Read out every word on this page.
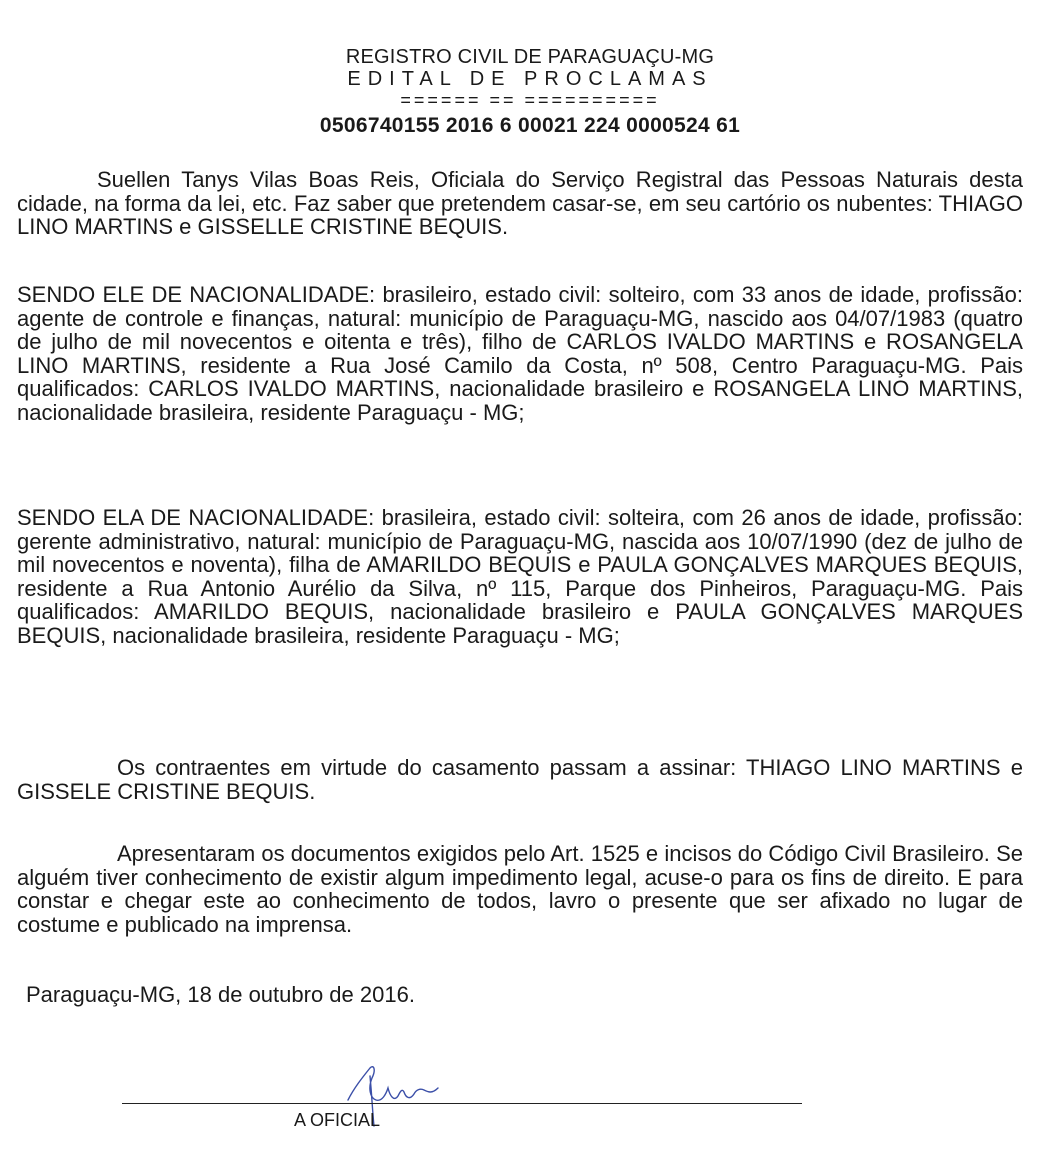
REGISTRO CIVIL DE PARAGUAÇU-MG
EDITAL DE PROCLAMAS
====== == ==========
0506740155 2016 6 00021 224 0000524 61

Suellen Tanys Vilas Boas Reis, Oficiala do Serviço Registral das Pessoas Naturais desta cidade, na forma da lei, etc. Faz saber que pretendem casar-se, em seu cartório os nubentes: THIAGO LINO MARTINS e GISSELLE CRISTINE BEQUIS.

SENDO ELE DE NACIONALIDADE: brasileiro, estado civil: solteiro, com 33 anos de idade, profissão: agente de controle e finanças, natural: município de Paraguaçu-MG, nascido aos 04/07/1983 (quatro de julho de mil novecentos e oitenta e três), filho de CARLOS IVALDO MARTINS e ROSANGELA LINO MARTINS, residente a Rua José Camilo da Costa, nº 508, Centro Paraguaçu-MG. Pais qualificados: CARLOS IVALDO MARTINS, nacionalidade brasileiro e ROSANGELA LINO MARTINS, nacionalidade brasileira, residente Paraguaçu - MG;

SENDO ELA DE NACIONALIDADE: brasileira, estado civil: solteira, com 26 anos de idade, profissão: gerente administrativo, natural: município de Paraguaçu-MG, nascida aos 10/07/1990 (dez de julho de mil novecentos e noventa), filha de AMARILDO BEQUIS e PAULA GONÇALVES MARQUES BEQUIS, residente a Rua Antonio Aurélio da Silva, nº 115, Parque dos Pinheiros, Paraguaçu-MG. Pais qualificados: AMARILDO BEQUIS, nacionalidade brasileiro e PAULA GONÇALVES MARQUES BEQUIS, nacionalidade brasileira, residente Paraguaçu - MG;

Os contraentes em virtude do casamento passam a assinar: THIAGO LINO MARTINS e GISSELE CRISTINE BEQUIS.

Apresentaram os documentos exigidos pelo Art. 1525 e incisos do Código Civil Brasileiro. Se alguém tiver conhecimento de existir algum impedimento legal, acuse-o para os fins de direito. E para constar e chegar este ao conhecimento de todos, lavro o presente que ser afixado no lugar de costume e publicado na imprensa.

Paraguaçu-MG, 18 de outubro de 2016.

A OFICIAL
